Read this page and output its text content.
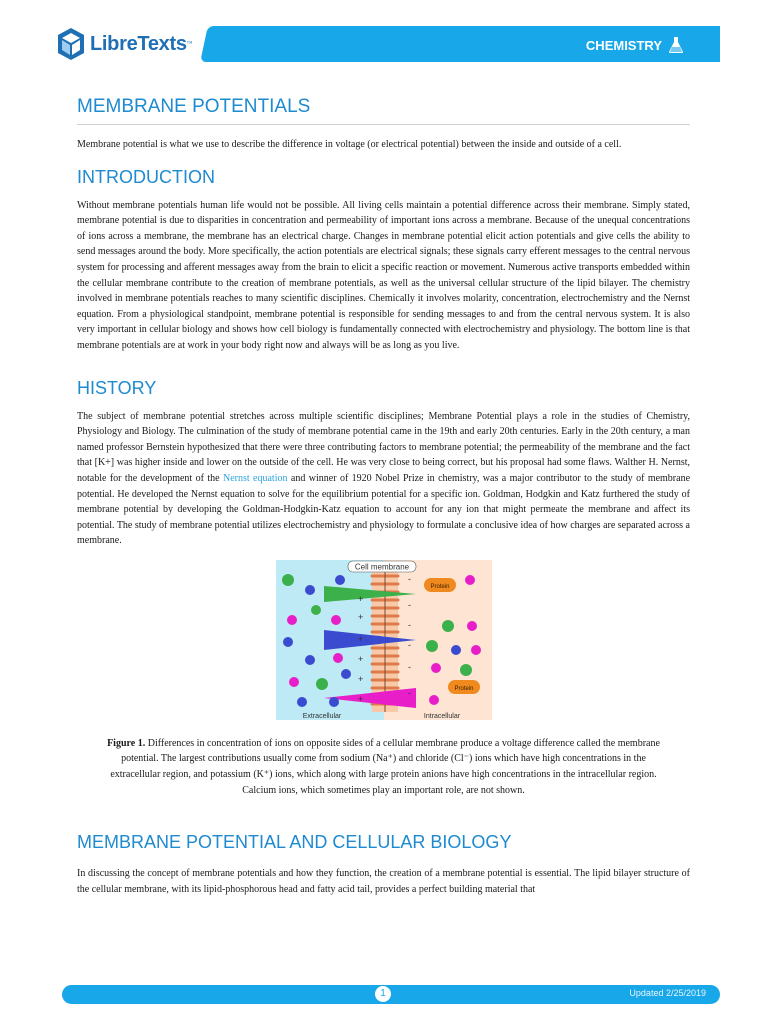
LibreTexts ™	CHEMISTRY
MEMBRANE POTENTIALS

Membrane potential is what we use to describe the difference in voltage (or electrical potential) between the inside and outside of a cell.

INTRODUCTION

Without membrane potentials human life would not be possible. All living cells maintain a potential difference across their membrane. Simply stated, membrane potential is due to disparities in concentration and permeability of important ions across a membrane. Because of the unequal concentrations of ions across a membrane, the membrane has an electrical charge. Changes in membrane potential elicit action potentials and give cells the ability to send messages around the body. More specifically, the action potentials are electrical signals; these signals carry efferent messages to the central nervous system for processing and afferent messages away from the brain to elicit a specific reaction or movement. Numerous active transports embedded within the cellular membrane contribute to the creation of membrane potentials, as well as the universal cellular structure of the lipid bilayer. The chemistry involved in membrane potentials reaches to many scientific disciplines. Chemically it involves molarity, concentration, electrochemistry and the Nernst equation. From a physiological standpoint, membrane potential is responsible for sending messages to and from the central nervous system. It is also very important in cellular biology and shows how cell biology is fundamentally connected with electrochemistry and physiology. The bottom line is that membrane potentials are at work in your body right now and always will be as long as you live.

HISTORY

The subject of membrane potential stretches across multiple scientific disciplines; Membrane Potential plays a role in the studies of Chemistry, Physiology and Biology. The culmination of the study of membrane potential came in the 19th and early 20th centuries. Early in the 20th century, a man named professor Bernstein hypothesized that there were three contributing factors to membrane potential; the permeability of the membrane and the fact that [K+] was higher inside and lower on the outside of the cell. He was very close to being correct, but his proposal had some flaws. Walther H. Nernst, notable for the development of the Nernst equation and winner of 1920 Nobel Prize in chemistry, was a major contributor to the study of membrane potential. He developed the Nernst equation to solve for the equilibrium potential for a specific ion. Goldman, Hodgkin and Katz furthered the study of membrane potential by developing the Goldman-Hodgkin-Katz equation to account for any ion that might permeate the membrane and affect its potential. The study of membrane potential utilizes electrochemistry and physiology to formulate a conclusive idea of how charges are separated across a membrane.

Cell membrane
+
+
+
+
+
+
-
-
-
-
-
-
Protein
Protein
Extracellular	Intracellular

Figure 1. Differences in concentration of ions on opposite sides of a cellular membrane produce a voltage difference called the membrane potential. The largest contributions usually come from sodium (Na⁺) and chloride (Cl⁻) ions which have high concentrations in the extracellular region, and potassium (K⁺) ions, which along with large protein anions have high concentrations in the intracellular region. Calcium ions, which sometimes play an important role, are not shown.

MEMBRANE POTENTIAL AND CELLULAR BIOLOGY

In discussing the concept of membrane potentials and how they function, the creation of a membrane potential is essential. The lipid bilayer structure of the cellular membrane, with its lipid-phosphorous head and fatty acid tail, provides a perfect building material that

1	Updated 2/25/2019
